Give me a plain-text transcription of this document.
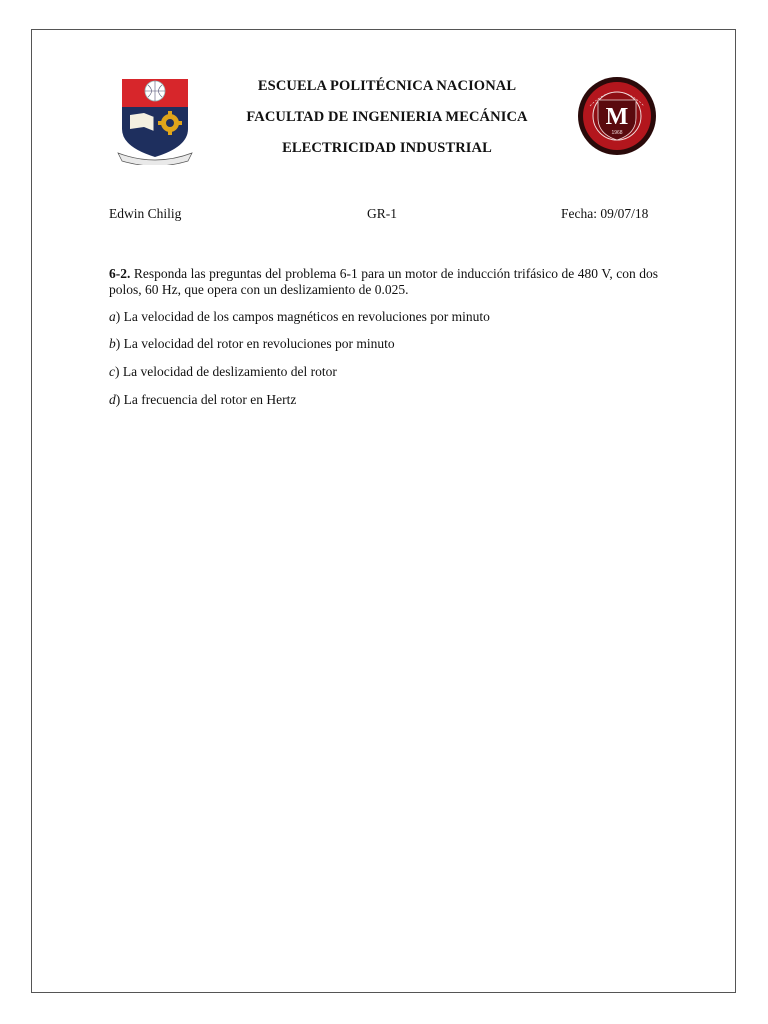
ESCUELA POLITÉCNICA NACIONAL
FACULTAD DE INGENIERIA MECÁNICA
ELECTRICIDAD INDUSTRIAL
M
1968
Edwin Chilig	GR-1	Fecha: 09/07/18
6-2. Responda las preguntas del problema 6-1 para un motor de inducción trifásico de 480 V, con dos polos, 60 Hz, que opera con un deslizamiento de 0.025.
a) La velocidad de los campos magnéticos en revoluciones por minuto
b) La velocidad del rotor en revoluciones por minuto
c) La velocidad de deslizamiento del rotor
d) La frecuencia del rotor en Hertz
